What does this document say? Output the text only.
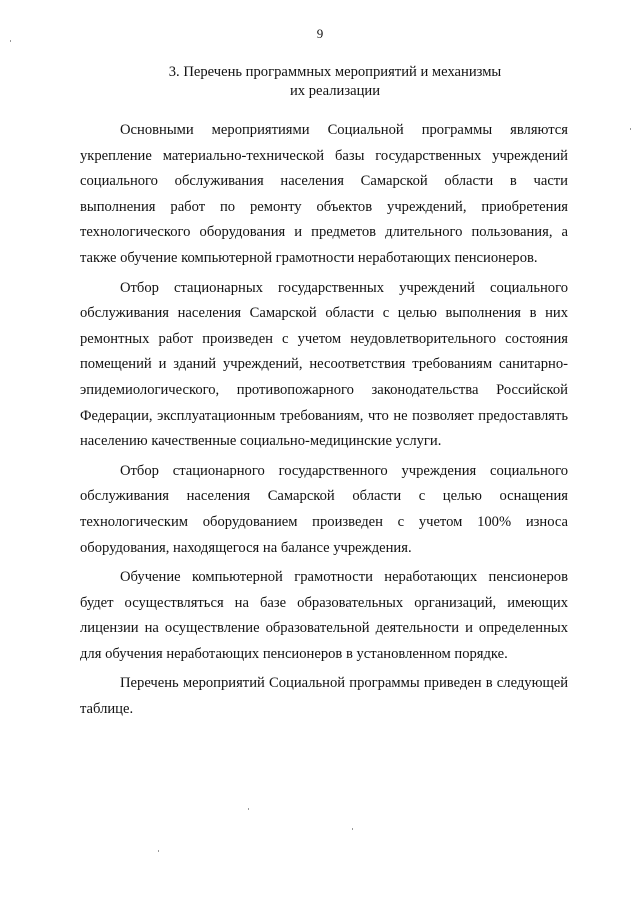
9
3. Перечень программных мероприятий и механизмы
их реализации

Основными мероприятиями Социальной программы являются укрепление материально-технической базы государственных учреждений социального обслуживания населения Самарской области в части выполнения работ по ремонту объектов учреждений, приобретения технологического оборудования и предметов длительного пользования, а также обучение компьютерной грамотности неработающих пенсионеров.

Отбор стационарных государственных учреждений социального обслуживания населения Самарской области с целью выполнения в них ремонтных работ произведен с учетом неудовлетворительного состояния помещений и зданий учреждений, несоответствия требованиям санитарно-эпидемиологического, противопожарного законодательства Российской Федерации, эксплуатационным требованиям, что не позволяет предоставлять населению качественные социально-медицинские услуги.

Отбор стационарного государственного учреждения социального обслуживания населения Самарской области с целью оснащения технологическим оборудованием произведен с учетом 100% износа оборудования, находящегося на балансе учреждения.

Обучение компьютерной грамотности неработающих пенсионеров будет осуществляться на базе образовательных организаций, имеющих лицензии на осуществление образовательной деятельности и определенных для обучения неработающих пенсионеров в установленном порядке.

Перечень мероприятий Социальной программы приведен в следующей таблице.
